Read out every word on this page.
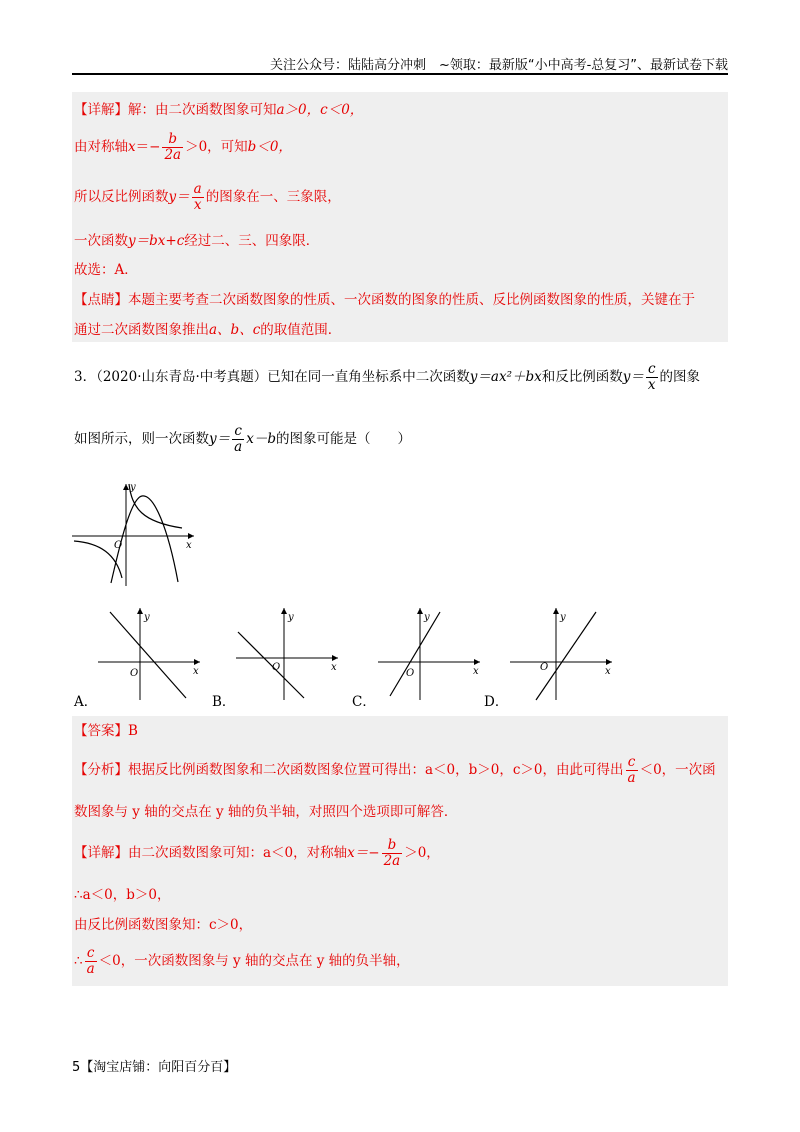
关注公众号：陆陆高分冲刺　~领取：最新版“小中高考-总复习”、最新试卷下载
【详解】解：由二次函数图象可知a＞0，c＜0，
由对称轴$x=- \frac{b}{2a} >0$，可知b＜0，
所以反比例函数$y= \frac{a}{x}$ 的图象在一、三象限，
一次函数y＝bx+c经过二、三、四象限．
故选：A．
【点睛】本题主要考查二次函数图象的性质、一次函数的图象的性质、反比例函数图象的性质，关键在于
通过二次函数图象推出a、b、c的取值范围．
3．（2020·山东青岛·中考真题）已知在同一直角坐标系中二次函数y＝ax²＋bx和反比例函数$y= \frac{c}{x}$ 的图象
如图所示，则一次函数$y= \frac{c}{a} x-b$的图象可能是（　　）
y
x
O
y
x
O
A．
y
x
O
B．
y
x
O
C．
y
x
O
D．
【答案】B
【分析】根据反比例函数图象和二次函数图象位置可得出：a＜0，b＞0，c＞0，由此可得出 $\frac{c}{a} <0$，一次函
数图象与 y 轴的交点在 y 轴的负半轴，对照四个选项即可解答．
【详解】由二次函数图象可知：a＜0，对称轴$x=- \frac{b}{2a} >0$，
∴a＜0，b＞0，
由反比例函数图象知：c＞0，
∴ $\frac{c}{a} <0$，一次函数图象与 y 轴的交点在 y 轴的负半轴，
5【淘宝店铺：向阳百分百】
